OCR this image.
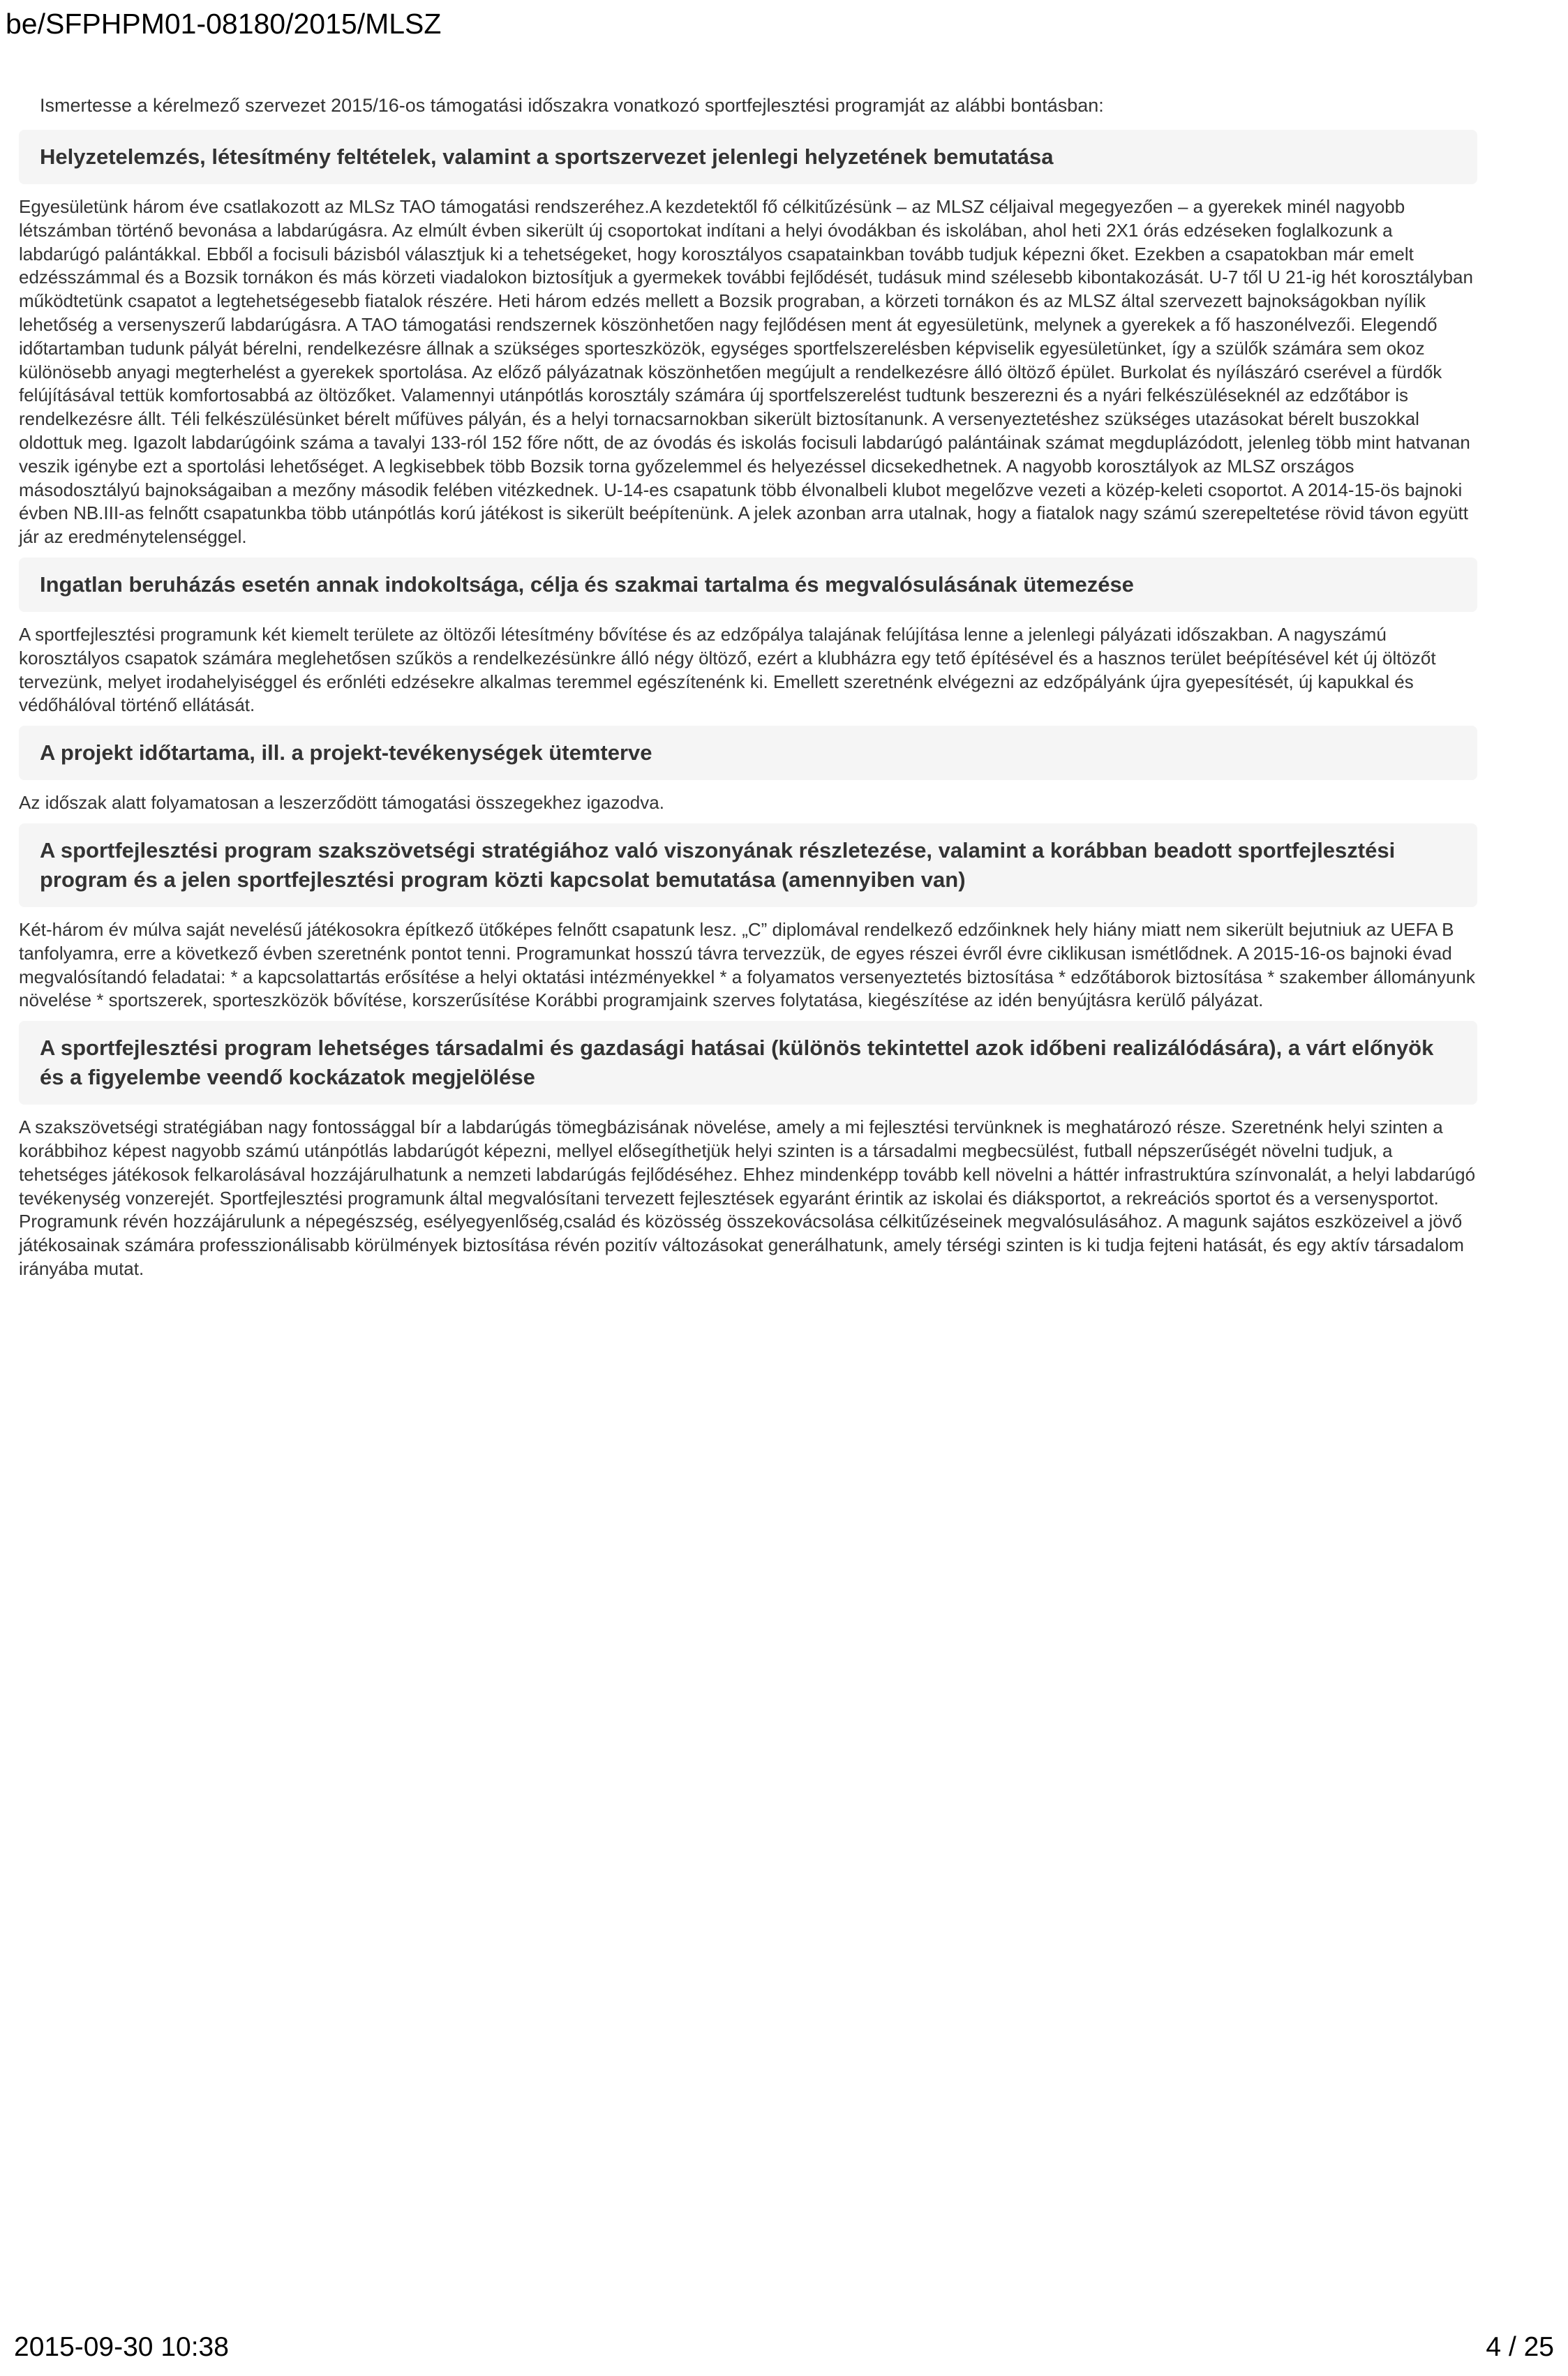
be/SFPHPM01-08180/2015/MLSZ
Ismertesse a kérelmező szervezet 2015/16-os támogatási időszakra vonatkozó sportfejlesztési programját az alábbi bontásban:
Helyzetelemzés, létesítmény feltételek, valamint a sportszervezet jelenlegi helyzetének bemutatása
Egyesületünk három éve csatlakozott az MLSz TAO támogatási rendszeréhez.A kezdetektől fő célkitűzésünk – az MLSZ céljaival megegyezően – a gyerekek minél nagyobb létszámban történő bevonása a labdarúgásra. Az elmúlt évben sikerült új csoportokat indítani a helyi óvodákban és iskolában, ahol heti 2X1 órás edzéseken foglalkozunk a labdarúgó palántákkal. Ebből a focisuli bázisból választjuk ki a tehetségeket, hogy korosztályos csapatainkban tovább tudjuk képezni őket. Ezekben a csapatokban már emelt edzésszámmal és a Bozsik tornákon és más körzeti viadalokon biztosítjuk a gyermekek további fejlődését, tudásuk mind szélesebb kibontakozását. U-7 től U 21-ig hét korosztályban működtetünk csapatot a legtehetségesebb fiatalok részére. Heti három edzés mellett a Bozsik prograban, a körzeti tornákon és az MLSZ által szervezett bajnokságokban nyílik lehetőség a versenyszerű labdarúgásra. A TAO támogatási rendszernek köszönhetően nagy fejlődésen ment át egyesületünk, melynek a gyerekek a fő haszonélvezői. Elegendő időtartamban tudunk pályát bérelni, rendelkezésre állnak a szükséges sporteszközök, egységes sportfelszerelésben képviselik egyesületünket, így a szülők számára sem okoz különösebb anyagi megterhelést a gyerekek sportolása. Az előző pályázatnak köszönhetően megújult a rendelkezésre álló öltöző épület. Burkolat és nyílászáró cserével a fürdők felújításával tettük komfortosabbá az öltözőket. Valamennyi utánpótlás korosztály számára új sportfelszerelést tudtunk beszerezni és a nyári felkészüléseknél az edzőtábor is rendelkezésre állt. Téli felkészülésünket bérelt műfüves pályán, és a helyi tornacsarnokban sikerült biztosítanunk. A versenyeztetéshez szükséges utazásokat bérelt buszokkal oldottuk meg. Igazolt labdarúgóink száma a tavalyi 133-ról 152 főre nőtt, de az óvodás és iskolás focisuli labdarúgó palántáinak számat megduplázódott, jelenleg több mint hatvanan veszik igénybe ezt a sportolási lehetőséget. A legkisebbek több Bozsik torna győzelemmel és helyezéssel dicsekedhetnek. A nagyobb korosztályok az MLSZ országos másodosztályú bajnokságaiban a mezőny második felében vitézkednek. U-14-es csapatunk több élvonalbeli klubot megelőzve vezeti a közép-keleti csoportot. A 2014-15-ös bajnoki évben NB.III-as felnőtt csapatunkba több utánpótlás korú játékost is sikerült beépítenünk. A jelek azonban arra utalnak, hogy a fiatalok nagy számú szerepeltetése rövid távon együtt jár az eredménytelenséggel.
Ingatlan beruházás esetén annak indokoltsága, célja és szakmai tartalma és megvalósulásának ütemezése
A sportfejlesztési programunk két kiemelt területe az öltözői létesítmény bővítése és az edzőpálya talajának felújítása lenne a jelenlegi pályázati időszakban. A nagyszámú korosztályos csapatok számára meglehetősen szűkös a rendelkezésünkre álló négy öltöző, ezért a klubházra egy tető építésével és a hasznos terület beépítésével két új öltözőt tervezünk, melyet irodahelyiséggel és erőnléti edzésekre alkalmas teremmel egészítenénk ki. Emellett szeretnénk elvégezni az edzőpályánk újra gyepesítését, új kapukkal és védőhálóval történő ellátását.
A projekt időtartama, ill. a projekt-tevékenységek ütemterve
Az időszak alatt folyamatosan a leszerződött támogatási összegekhez igazodva.
A sportfejlesztési program szakszövetségi stratégiához való viszonyának részletezése, valamint a korábban beadott sportfejlesztési program és a jelen sportfejlesztési program közti kapcsolat bemutatása (amennyiben van)
Két-három év múlva saját nevelésű játékosokra építkező ütőképes felnőtt csapatunk lesz. „C” diplomával rendelkező edzőinknek hely hiány miatt nem sikerült bejutniuk az UEFA B tanfolyamra, erre a következő évben szeretnénk pontot tenni. Programunkat hosszú távra tervezzük, de egyes részei évről évre ciklikusan ismétlődnek. A 2015-16-os bajnoki évad megvalósítandó feladatai: * a kapcsolattartás erősítése a helyi oktatási intézményekkel * a folyamatos versenyeztetés biztosítása * edzőtáborok biztosítása * szakember állományunk növelése * sportszerek, sporteszközök bővítése, korszerűsítése Korábbi programjaink szerves folytatása, kiegészítése az idén benyújtásra kerülő pályázat.
A sportfejlesztési program lehetséges társadalmi és gazdasági hatásai (különös tekintettel azok időbeni realizálódására), a várt előnyök és a figyelembe veendő kockázatok megjelölése
A szakszövetségi stratégiában nagy fontossággal bír a labdarúgás tömegbázisának növelése, amely a mi fejlesztési tervünknek is meghatározó része. Szeretnénk helyi szinten a korábbihoz képest nagyobb számú utánpótlás labdarúgót képezni, mellyel elősegíthetjük helyi szinten is a társadalmi megbecsülést, futball népszerűségét növelni tudjuk, a tehetséges játékosok felkarolásával hozzájárulhatunk a nemzeti labdarúgás fejlődéséhez. Ehhez mindenképp tovább kell növelni a háttér infrastruktúra színvonalát, a helyi labdarúgó tevékenység vonzerejét. Sportfejlesztési programunk által megvalósítani tervezett fejlesztések egyaránt érintik az iskolai és diáksportot, a rekreációs sportot és a versenysportot. Programunk révén hozzájárulunk a népegészség, esélyegyenlőség,család és közösség összekovácsolása célkitűzéseinek megvalósulásához. A magunk sajátos eszközeivel a jövő játékosainak számára professzionálisabb körülmények biztosítása révén pozitív változásokat generálhatunk, amely térségi szinten is ki tudja fejteni hatását, és egy aktív társadalom irányába mutat.
2015-09-30 10:38	4 / 25
